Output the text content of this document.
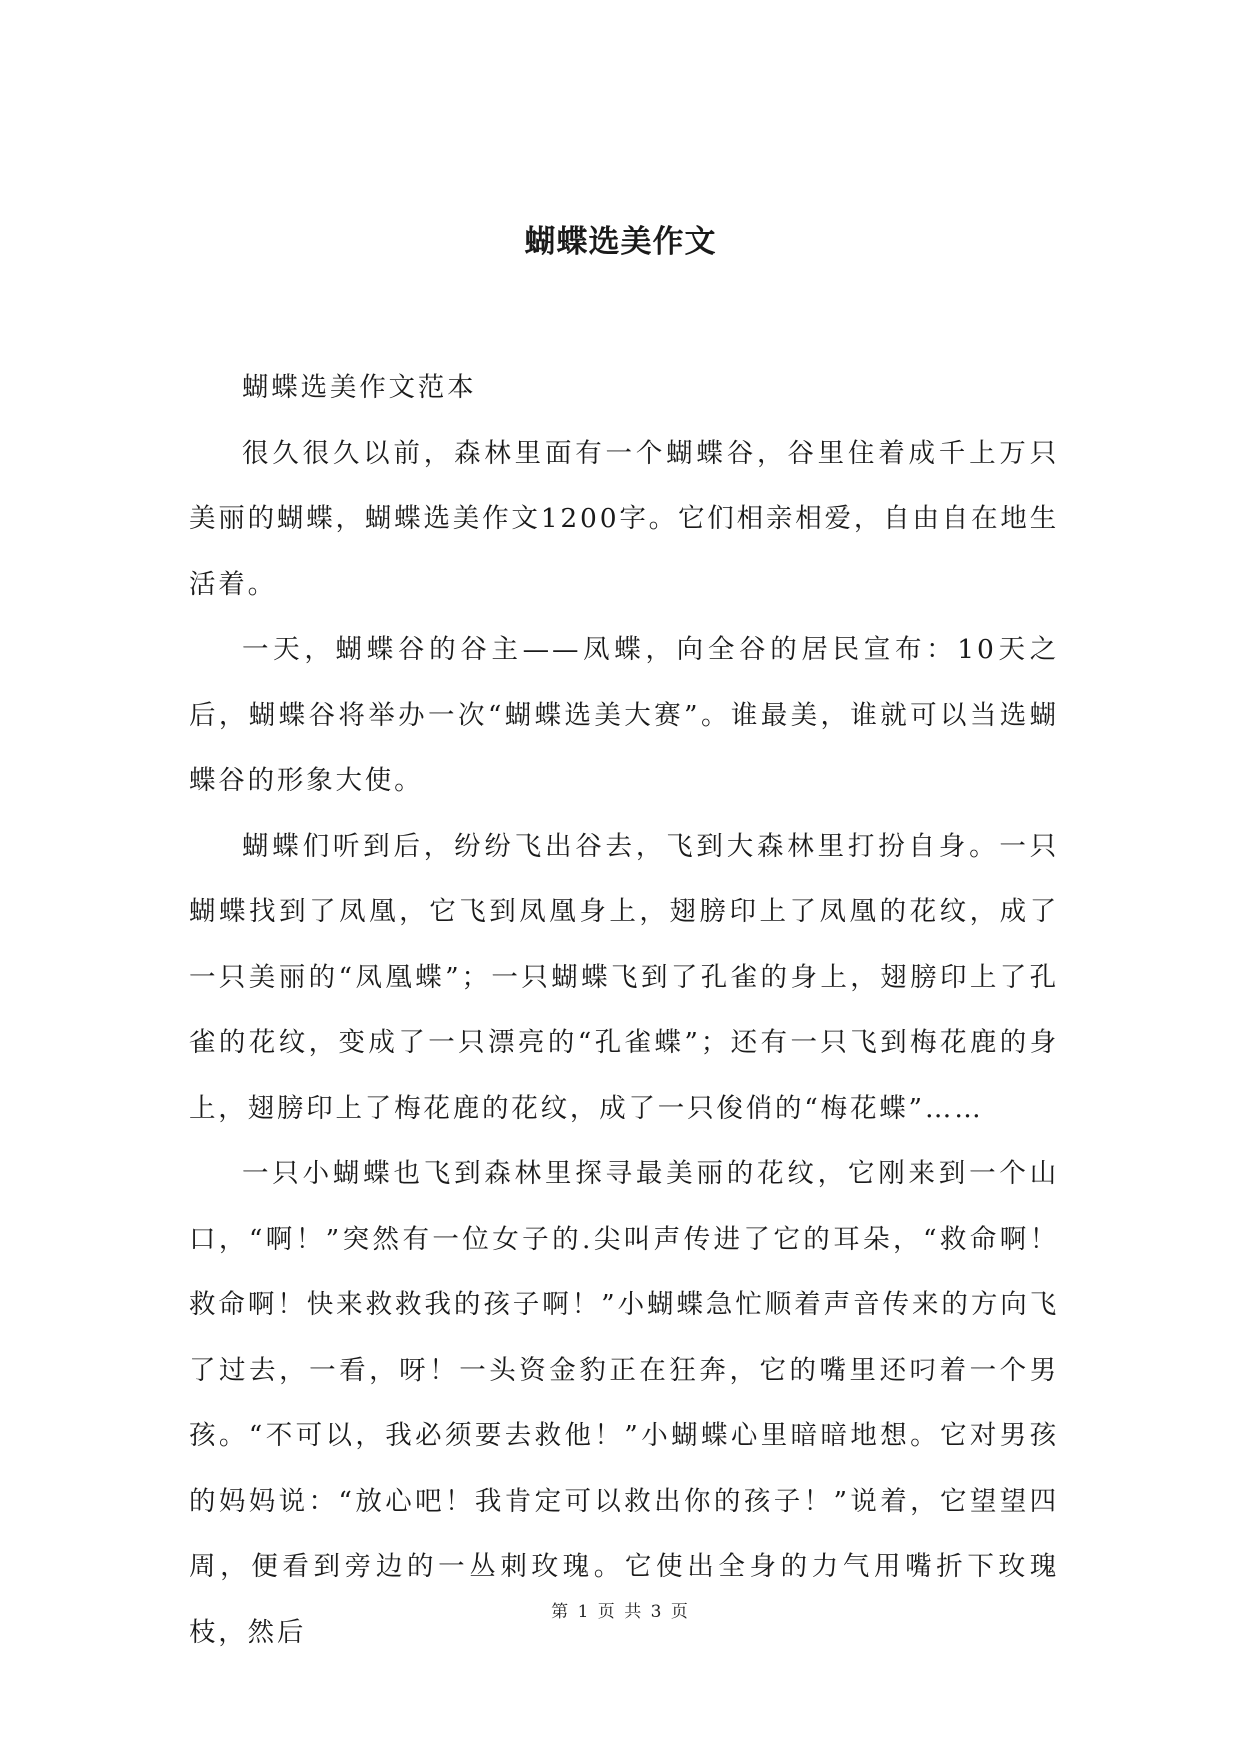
蝴蝶选美作文

蝴蝶选美作文范本

很久很久以前，森林里面有一个蝴蝶谷，谷里住着成千上万只美丽的蝴蝶，蝴蝶选美作文1200字。它们相亲相爱，自由自在地生活着。

一天，蝴蝶谷的谷主——凤蝶，向全谷的居民宣布：10天之后，蝴蝶谷将举办一次“蝴蝶选美大赛”。谁最美，谁就可以当选蝴蝶谷的形象大使。

蝴蝶们听到后，纷纷飞出谷去，飞到大森林里打扮自身。一只蝴蝶找到了凤凰，它飞到凤凰身上，翅膀印上了凤凰的花纹，成了一只美丽的“凤凰蝶”；一只蝴蝶飞到了孔雀的身上，翅膀印上了孔雀的花纹，变成了一只漂亮的“孔雀蝶”；还有一只飞到梅花鹿的身上，翅膀印上了梅花鹿的花纹，成了一只俊俏的“梅花蝶”……

一只小蝴蝶也飞到森林里探寻最美丽的花纹，它刚来到一个山口，“啊！”突然有一位女子的.尖叫声传进了它的耳朵，“救命啊！救命啊！快来救救我的孩子啊！”小蝴蝶急忙顺着声音传来的方向飞了过去，一看，呀！一头资金豹正在狂奔，它的嘴里还叼着一个男孩。“不可以，我必须要去救他！”小蝴蝶心里暗暗地想。它对男孩的妈妈说：“放心吧！我肯定可以救出你的孩子！”说着，它望望四周，便看到旁边的一丛刺玫瑰。它使出全身的力气用嘴折下玫瑰枝，然后

第 1 页 共 3 页
